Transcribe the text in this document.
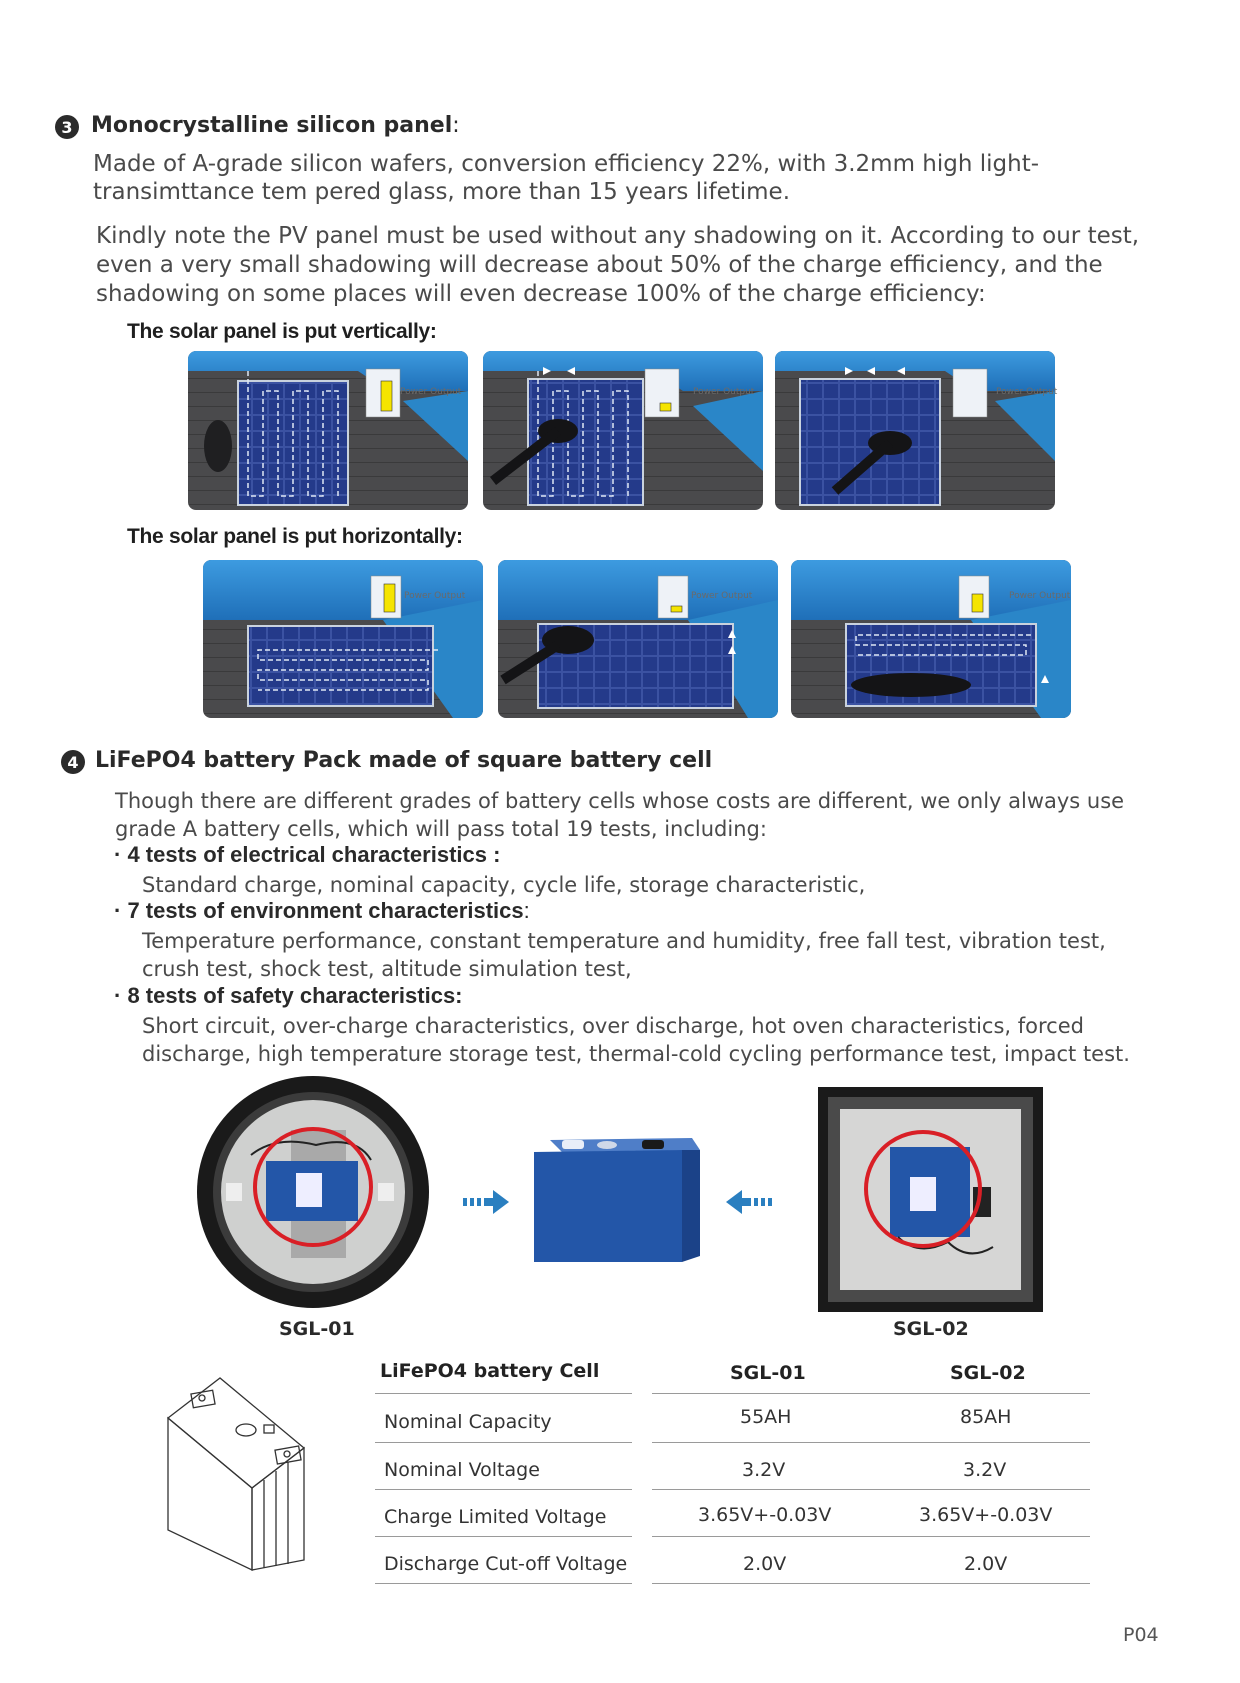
3 Monocrystalline silicon panel:
Made of A-grade silicon wafers, conversion efficiency 22%, with 3.2mm high light-transimttance tem pered glass, more than 15 years lifetime.
Kindly note the PV panel must be used without any shadowing on it. According to our test, even a very small shadowing will decrease about 50% of the charge efficiency, and the shadowing on some places will even decrease 100% of the charge efficiency:
The solar panel is put vertically:
The solar panel is put horizontally:
Power Output	Power Output	Power Output
Power Output	Power Output	Power Output
4 LiFePO4 battery Pack made of square battery cell
Though there are different grades of battery cells whose costs are different, we only always use grade A battery cells, which will pass total 19 tests, including:
· 4 tests of electrical characteristics :
Standard charge, nominal capacity, cycle life, storage characteristic,
· 7 tests of environment characteristics:
Temperature performance, constant temperature and humidity, free fall test, vibration test, crush test, shock test, altitude simulation test,
· 8 tests of safety characteristics:
Short circuit, over-charge characteristics, over discharge, hot oven characteristics, forced discharge, high temperature storage test, thermal-cold cycling performance test, impact test.
SGL-01	SGL-02
LiFePO4 battery Cell	SGL-01	SGL-02
Nominal Capacity	55AH	85AH
Nominal Voltage	3.2V	3.2V
Charge Limited Voltage	3.65V+-0.03V	3.65V+-0.03V
Discharge Cut-off Voltage	2.0V	2.0V
P04
